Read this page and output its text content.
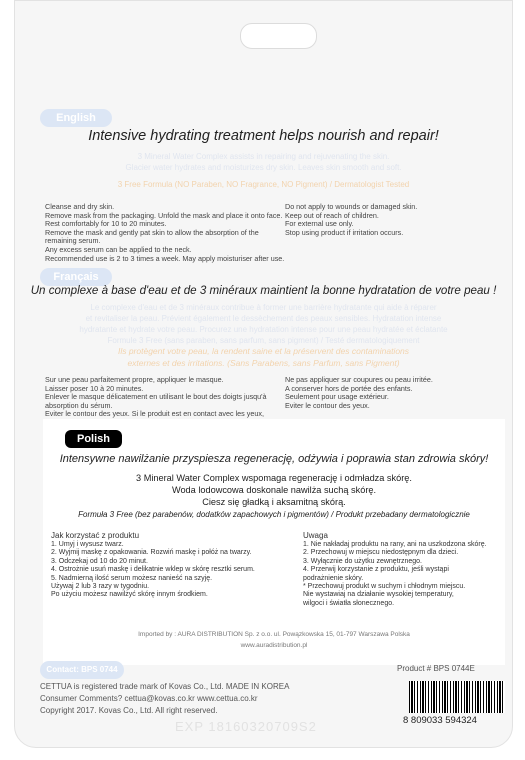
English
Intensive hydrating treatment helps nourish and repair!
3 Mineral Water Complex assists in repairing and rejuvenating the skin.
Glacier water hydrates and moisturizes dry skin. Leaves skin smooth and soft.
3 Free Formula (NO Paraben, NO Fragrance, NO Pigment) / Dermatologist Tested
Cleanse and dry skin.
Remove mask from the packaging. Unfold the mask and place it onto face.
Rest comfortably for 10 to 20 minutes.
Remove the mask and gently pat skin to allow the absorption of the
remaining serum.
Any excess serum can be applied to the neck.
Recommended use is 2 to 3 times a week. May apply moisturiser after use.
Do not apply to wounds or damaged skin.
Keep out of reach of children.
For external use only.
Stop using product if irritation occurs.
Français
Un complexe à base d'eau et de 3 minéraux maintient la bonne hydratation de votre peau !
Le complexe d'eau et de 3 minéraux contribue à former une barrière hydratante qui aide à réparer
et revitaliser la peau. Prévient également le dessèchement des peaux sensibles. Hydratation intense
hydratante et hydrate votre peau. Procurez une hydratation intense pour une peau hydratée et éclatante
Formule 3 Free (sans paraben, sans parfum, sans pigment) / Testé dermatologiquement
Ils protègent votre peau, la rendent saine et la préservent des contaminations
externes et des irritations. (Sans Parabens, sans Parfum, sans Pigment)
Sur une peau parfaitement propre, appliquer le masque.
Laisser poser 10 à 20 minutes.
Enlever le masque délicatement en utilisant le bout des doigts jusqu'à
absorption du sérum.
Eviter le contour des yeux. Si le produit est en contact avec les yeux,
Ne pas appliquer sur coupures ou peau irritée.
A conserver hors de portée des enfants.
Seulement pour usage extérieur.
Eviter le contour des yeux.
Polish
Intensywne nawilżanie przyspiesza regenerację, odżywia i poprawia stan zdrowia skóry!
3 Mineral Water Complex wspomaga regenerację i odmładza skórę.
Woda lodowcowa doskonale nawilża suchą skórę.
Ciesz się gładką i aksamitną skórą.
Formuła 3 Free (bez parabenów, dodatków zapachowych i pigmentów) / Produkt przebadany dermatologicznie
Jak korzystać z produktu
1. Umyj i wysusz twarz.
2. Wyjmij maskę z opakowania. Rozwiń maskę i połóż na twarzy.
3. Odczekaj od 10 do 20 minut.
4. Ostrożnie usuń maskę i delikatnie wklep w skórę resztki serum.
5. Nadmierną ilość serum możesz nanieść na szyję.
Używaj 2 lub 3 razy w tygodniu.
Po użyciu możesz nawilżyć skórę innym środkiem.
Uwaga
1. Nie nakładaj produktu na rany, ani na uszkodzona skórę.
2. Przechowuj w miejscu niedostępnym dla dzieci.
3. Wyłącznie do użytku zewnętrznego.
4. Przerwij korzystanie z produktu, jeśli wystąpi
podrażnienie skóry.
* Przechowuj produkt w suchym i chłodnym miejscu.
Nie wystawiaj na działanie wysokiej temperatury,
wilgoci i światła słonecznego.
Imported by : AURA DISTRIBUTION Sp. z o.o. ul. Powązkowska 15, 01-797 Warszawa Polska
www.auradistribution.pl
Contact: BPS 0744	Product # BPS 0744E
CETTUA is registered trade mark of Kovas Co., Ltd. MADE IN KOREA
Consumer Comments? cettua@kovas.co.kr www.cettua.co.kr
Copyright 2017. Kovas Co., Ltd. All right reserved.
EXP 18160320709S2	8 809033 594324
